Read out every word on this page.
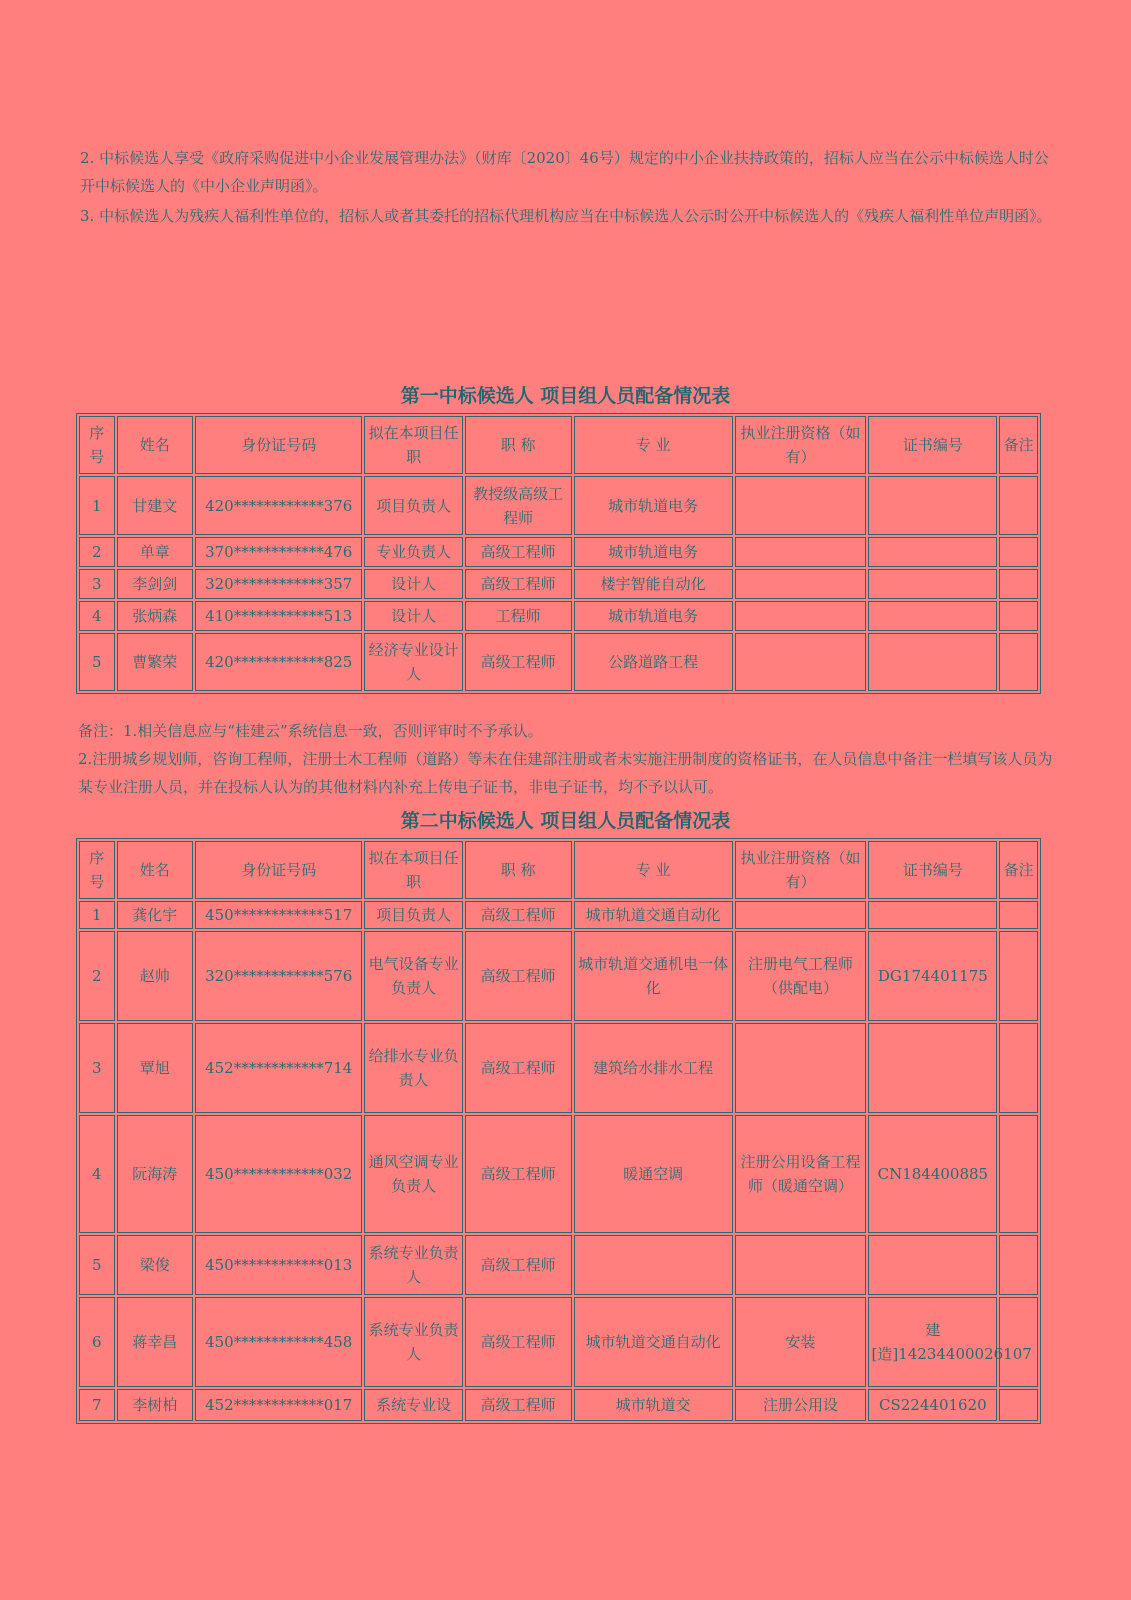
2. 中标候选人享受《政府采购促进中小企业发展管理办法》（财库〔2020〕46号）规定的中小企业扶持政策的，招标人应当在公示中标候选人时公开中标候选人的《中小企业声明函》。

3. 中标候选人为残疾人福利性单位的，招标人或者其委托的招标代理机构应当在中标候选人公示时公开中标候选人的《残疾人福利性单位声明函》。

第一中标候选人 项目组人员配备情况表
序号	姓名	身份证号码	拟在本项目任职	职 称	专 业	执业注册资格（如有）	证书编号	备注
1	甘建文	420************376	项目负责人	教授级高级工程师	城市轨道电务			
2	单章	370************476	专业负责人	高级工程师	城市轨道电务			
3	李剑剑	320************357	设计人	高级工程师	楼宇智能自动化			
4	张炳森	410************513	设计人	工程师	城市轨道电务			
5	曹繁荣	420************825	经济专业设计人	高级工程师	公路道路工程			

备注：1.相关信息应与“桂建云”系统信息一致，否则评审时不予承认。

2.注册城乡规划师，咨询工程师，注册土木工程师（道路）等未在住建部注册或者未实施注册制度的资格证书，在人员信息中备注一栏填写该人员为某专业注册人员，并在投标人认为的其他材料内补充上传电子证书，非电子证书，均不予以认可。

第二中标候选人 项目组人员配备情况表
序号	姓名	身份证号码	拟在本项目任职	职 称	专 业	执业注册资格（如有）	证书编号	备注
1	龚化宇	450************517	项目负责人	高级工程师	城市轨道交通自动化			
2	赵帅	320************576	电气设备专业负责人	高级工程师	城市轨道交通机电一体化	注册电气工程师（供配电）	DG174401175	
3	覃旭	452************714	给排水专业负责人	高级工程师	建筑给水排水工程			
4	阮海涛	450************032	通风空调专业负责人	高级工程师	暖通空调	注册公用设备工程师（暖通空调）	CN184400885	
5	梁俊	450************013	系统专业负责人	高级工程师				
6	蒋幸昌	450************458	系统专业负责人	高级工程师	城市轨道交通自动化	安装	建[造]14234400026107	
7	李树柏	452************017	系统专业设	高级工程师	城市轨道交	注册公用设	CS224401620	
